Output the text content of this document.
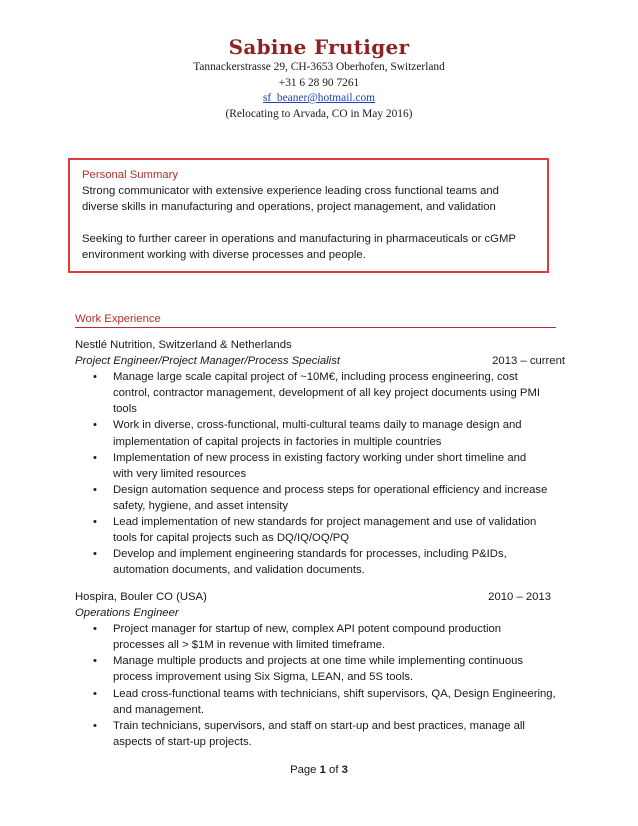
Sabine Frutiger
Tannackerstrasse 29, CH-3653 Oberhofen, Switzerland
+31 6 28 90 7261
sf_beaner@hotmail.com
(Relocating to Arvada, CO in May 2016)
Personal Summary
Strong communicator with extensive experience leading cross functional teams and
diverse skills in manufacturing and operations, project management, and validation
Seeking to further career in operations and manufacturing in pharmaceuticals or cGMP
environment working with diverse processes and people.
Work Experience
Nestlé Nutrition, Switzerland & Netherlands
Project Engineer/Project Manager/Process Specialist	2013 – current
• Manage large scale capital project of ~10M€, including process engineering, cost
control, contractor management, development of all key project documents using PMI
tools
• Work in diverse, cross-functional, multi-cultural teams daily to manage design and
implementation of capital projects in factories in multiple countries
• Implementation of new process in existing factory working under short timeline and
with very limited resources
• Design automation sequence and process steps for operational efficiency and increase
safety, hygiene, and asset intensity
• Lead implementation of new standards for project management and use of validation
tools for capital projects such as DQ/IQ/OQ/PQ
• Develop and implement engineering standards for processes, including P&IDs,
automation documents, and validation documents.
Hospira, Bouler CO (USA)	2010 – 2013
Operations Engineer
• Project manager for startup of new, complex API potent compound production
processes all > $1M in revenue with limited timeframe.
• Manage multiple products and projects at one time while implementing continuous
process improvement using Six Sigma, LEAN, and 5S tools.
• Lead cross-functional teams with technicians, shift supervisors, QA, Design Engineering,
and management.
• Train technicians, supervisors, and staff on start-up and best practices, manage all
aspects of start-up projects.
Page 1 of 3
